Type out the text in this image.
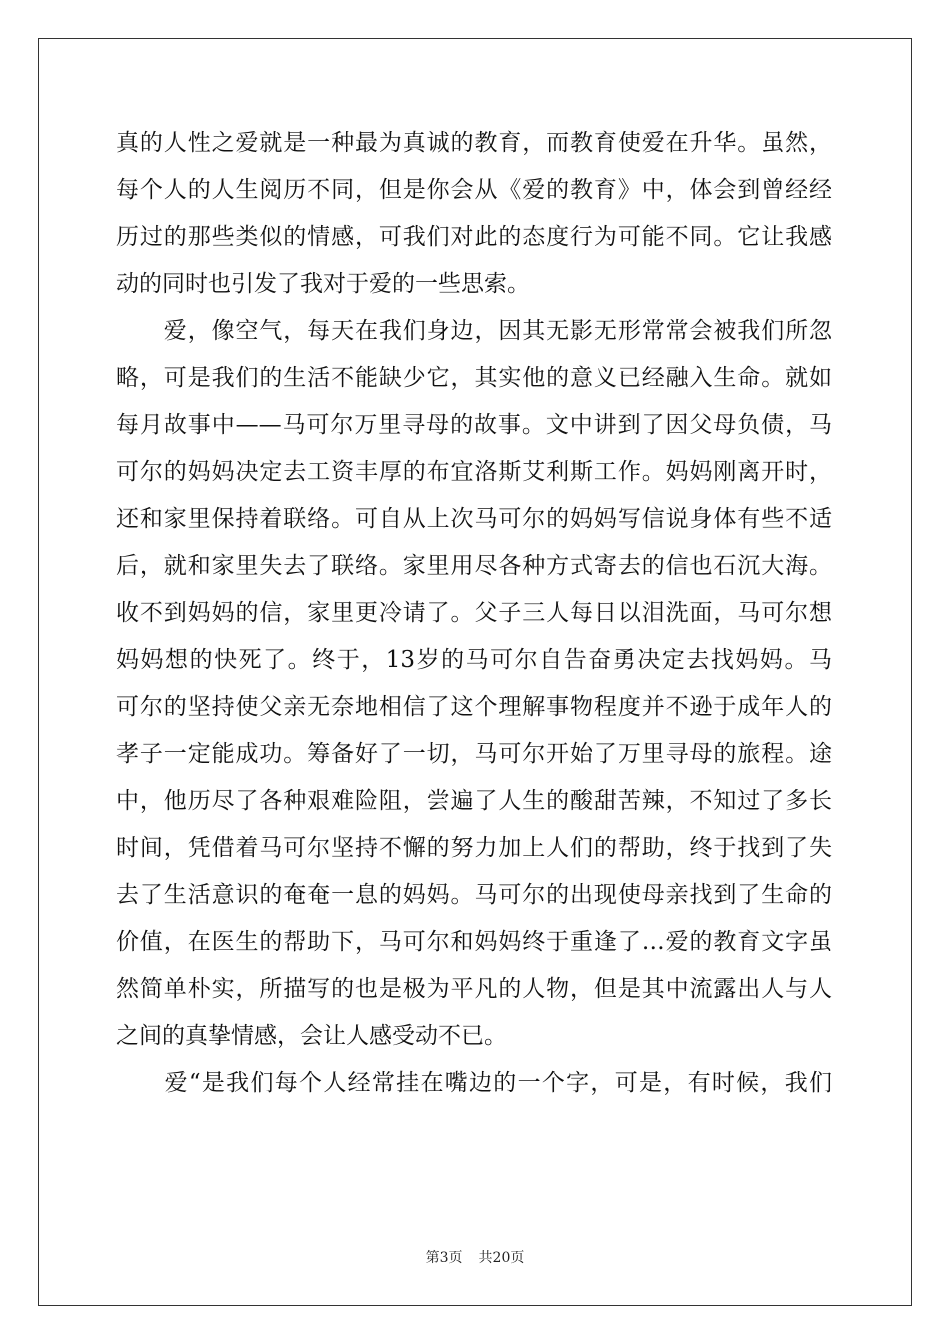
真的人性之爱就是一种最为真诚的教育，而教育使爱在升华。虽然，
每个人的人生阅历不同，但是你会从《爱的教育》中，体会到曾经经
历过的那些类似的情感，可我们对此的态度行为可能不同。它让我感
动的同时也引发了我对于爱的一些思索。
　　爱，像空气，每天在我们身边，因其无影无形常常会被我们所忽
略，可是我们的生活不能缺少它，其实他的意义已经融入生命。就如
每月故事中——马可尔万里寻母的故事。文中讲到了因父母负债，马
可尔的妈妈决定去工资丰厚的布宜洛斯艾利斯工作。妈妈刚离开时，
还和家里保持着联络。可自从上次马可尔的妈妈写信说身体有些不适
后，就和家里失去了联络。家里用尽各种方式寄去的信也石沉大海。
收不到妈妈的信，家里更冷请了。父子三人每日以泪洗面，马可尔想
妈妈想的快死了。终于，13岁的马可尔自告奋勇决定去找妈妈。马
可尔的坚持使父亲无奈地相信了这个理解事物程度并不逊于成年人的
孝子一定能成功。筹备好了一切，马可尔开始了万里寻母的旅程。途
中，他历尽了各种艰难险阻，尝遍了人生的酸甜苦辣，不知过了多长
时间，凭借着马可尔坚持不懈的努力加上人们的帮助，终于找到了失
去了生活意识的奄奄一息的妈妈。马可尔的出现使母亲找到了生命的
价值，在医生的帮助下，马可尔和妈妈终于重逢了…爱的教育文字虽
然简单朴实，所描写的也是极为平凡的人物，但是其中流露出人与人
之间的真挚情感，会让人感受动不已。
　　爱“是我们每个人经常挂在嘴边的一个字，可是，有时候，我们
第3页 共20页
